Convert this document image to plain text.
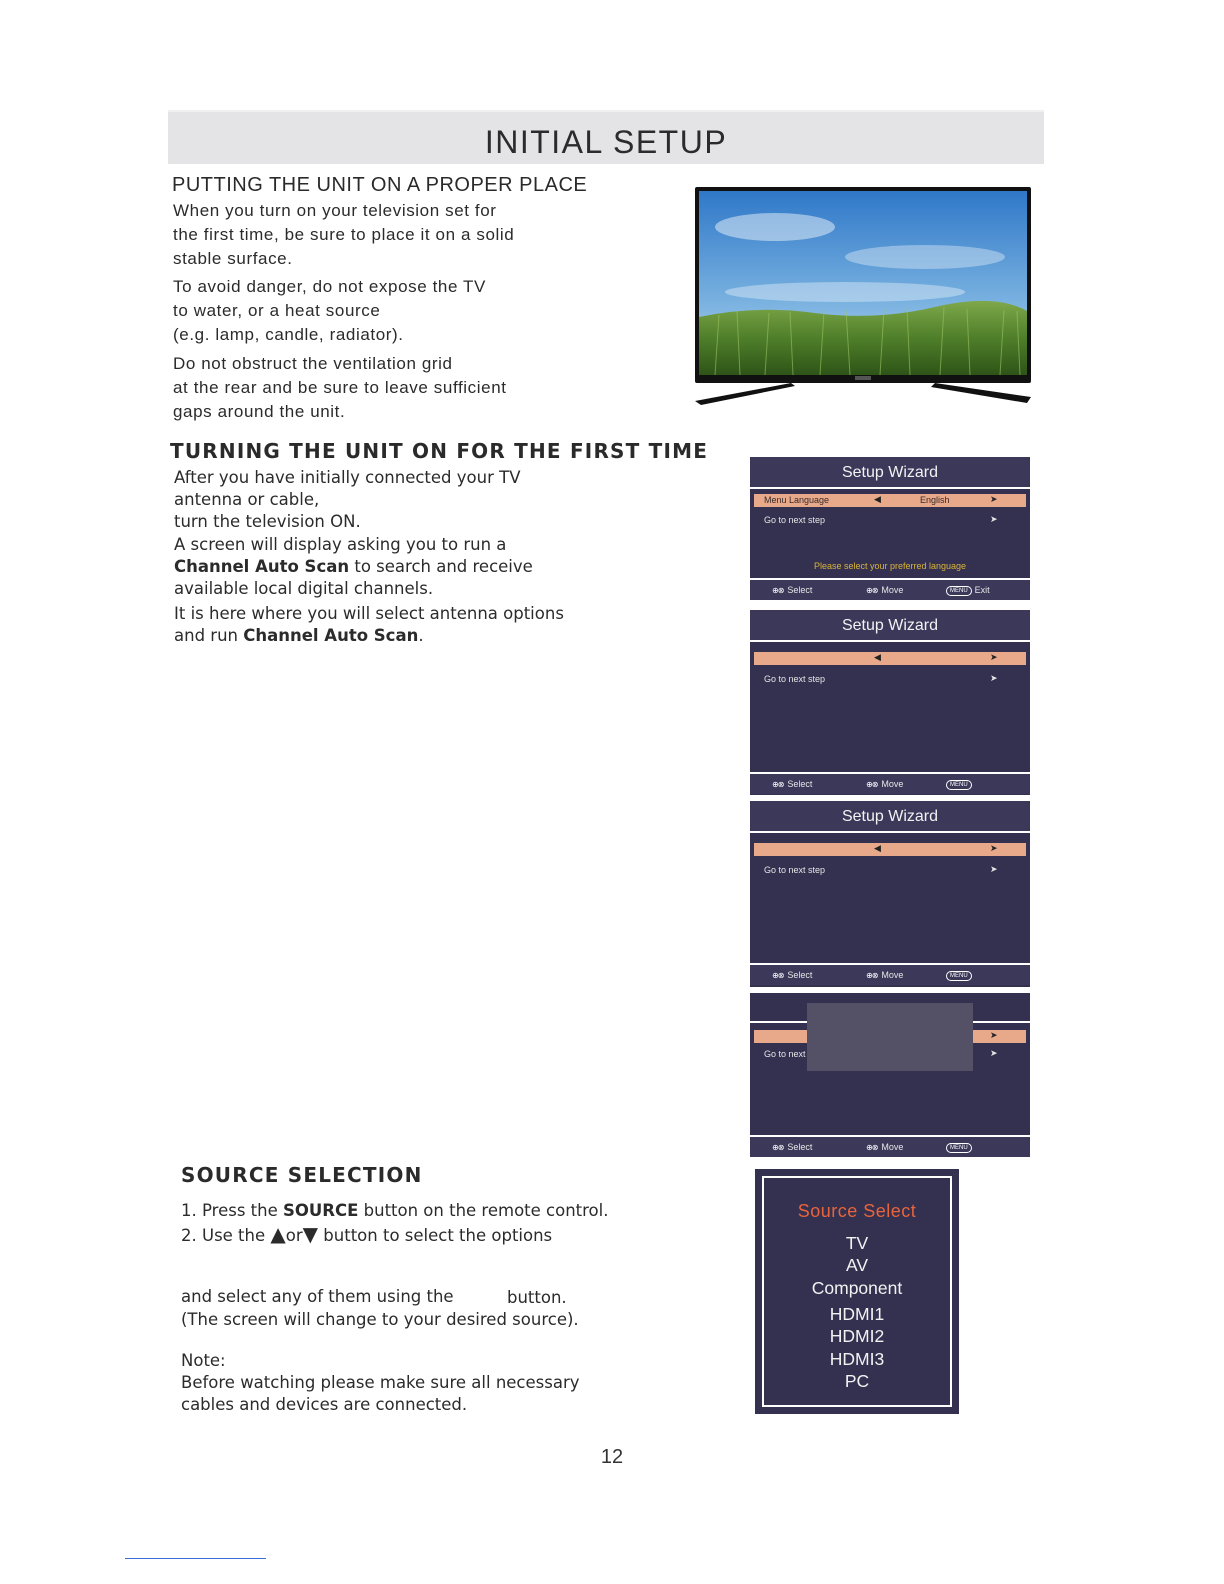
INITIAL SETUP
PUTTING THE UNIT ON A PROPER PLACE
When you turn on your television set for
the first time, be sure to place it on a solid
stable surface.
To avoid danger, do not expose the TV
to water, or a heat source
(e.g. lamp, candle, radiator).
Do not obstruct the ventilation grid
at the rear and be sure to leave sufficient
gaps around the unit.
TURNING THE UNIT ON FOR THE FIRST TIME
After you have initially connected your TV
antenna or cable,
turn the television ON.
A screen will display asking you to run a
Channel Auto Scan to search and receive
available local digital channels.
It is here where you will select antenna options
and run Channel Auto Scan.
Setup Wizard
Menu Language	◀	English	➤
Go to next step	➤
Please select your preferred language
⊕⊗ Select	⊕⊗ Move	MENU Exit
Setup Wizard
◀	➤
Go to next step	➤
⊕⊗ Select	⊕⊗ Move	MENU
Setup Wizard
◀	➤
Go to next step	➤
⊕⊗ Select	⊕⊗ Move	MENU
➤
Go to next	➤
⊕⊗ Select	⊕⊗ Move	MENU
SOURCE SELECTION
1. Press the SOURCE button on the remote control.
2. Use the ▲or▼ button to select the options
and select any of them using the	button.
(The screen will change to your desired source).
Note:
Before watching please make sure all necessary
cables and devices are connected.
Source Select
TV
AV
Component
HDMI1
HDMI2
HDMI3
PC
12
